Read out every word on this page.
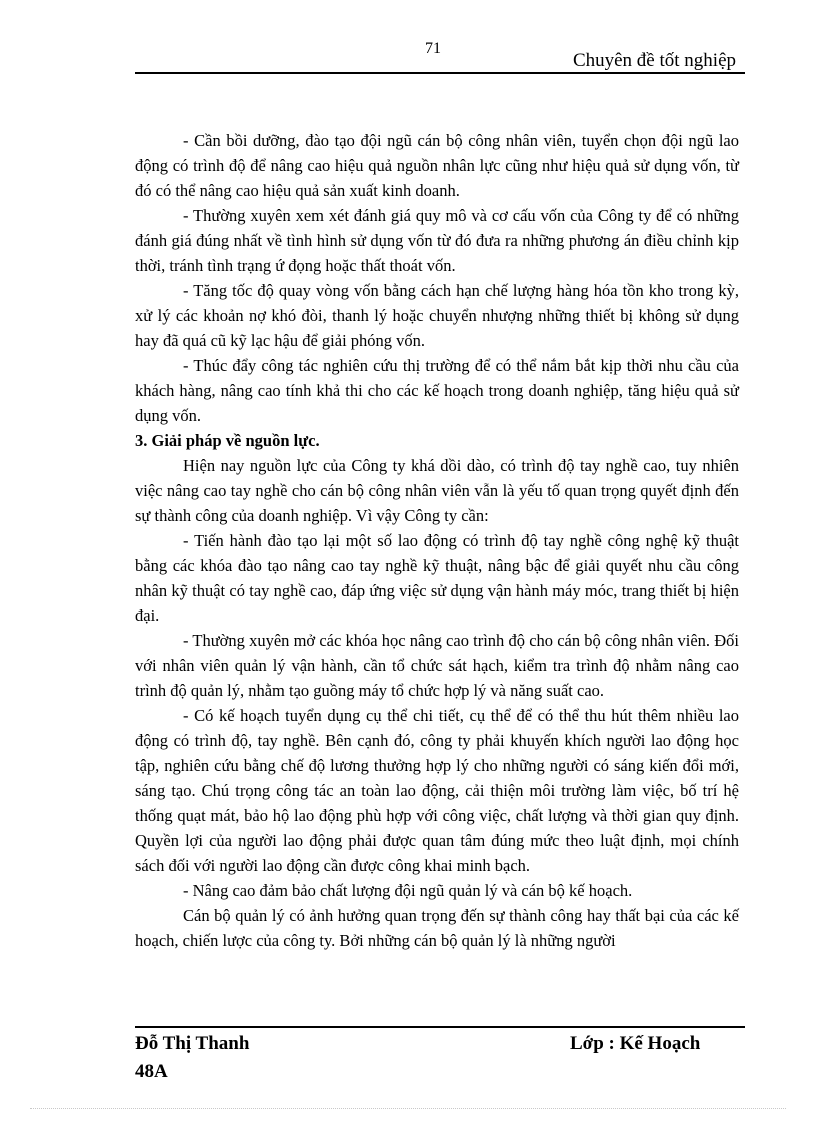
71
Chuyên đề tốt nghiệp

- Cần bồi dưỡng, đào tạo đội ngũ cán bộ công nhân viên, tuyển chọn đội ngũ lao động có trình độ để nâng cao hiệu quả nguồn nhân lực cũng như hiệu quả sử dụng vốn, từ đó có thể nâng cao hiệu quả sản xuất kinh doanh.

- Thường xuyên xem xét đánh giá quy mô và cơ cấu vốn của Công ty để có những đánh giá đúng nhất về tình hình sử dụng vốn từ đó đưa ra những phương án điều chỉnh kịp thời, tránh tình trạng ứ đọng hoặc thất thoát vốn.

- Tăng tốc độ quay vòng vốn bằng cách hạn chế lượng hàng hóa tồn kho trong kỳ, xử lý các khoản nợ khó đòi, thanh lý hoặc chuyển nhượng những thiết bị không sử dụng hay đã quá cũ kỹ lạc hậu để giải phóng vốn.

- Thúc đẩy công tác nghiên cứu thị trường để có thể nắm bắt kịp thời nhu cầu của khách hàng, nâng cao tính khả thi cho các kế hoạch trong doanh nghiệp, tăng hiệu quả sử dụng vốn.

3. Giải pháp về nguồn lực.

Hiện nay nguồn lực của Công ty khá dồi dào, có trình độ tay nghề cao, tuy nhiên việc nâng cao tay nghề cho cán bộ công nhân viên vẫn là yếu tố quan trọng quyết định đến sự thành công của doanh nghiệp. Vì vậy Công ty cần:

- Tiến hành đào tạo lại một số lao động có trình độ tay nghề công nghệ kỹ thuật bằng các khóa đào tạo nâng cao tay nghề kỹ thuật, nâng bậc để giải quyết nhu cầu công nhân kỹ thuật có tay nghề cao, đáp ứng việc sử dụng vận hành máy móc, trang thiết bị hiện đại.

- Thường xuyên mở các khóa học nâng cao trình độ cho cán bộ công nhân viên. Đối với nhân viên quản lý vận hành, cần tổ chức sát hạch, kiểm tra trình độ nhằm nâng cao trình độ quản lý, nhằm tạo guồng máy tổ chức hợp lý và năng suất cao.

- Có kế hoạch tuyển dụng cụ thể chi tiết, cụ thể để có thể thu hút thêm nhiều lao động có trình độ, tay nghề. Bên cạnh đó, công ty phải khuyến khích người lao động học tập, nghiên cứu bằng chế độ lương thưởng hợp lý cho những người có sáng kiến đổi mới, sáng tạo. Chú trọng công tác an toàn lao động, cải thiện môi trường làm việc, bố trí hệ thống quạt mát, bảo hộ lao động phù hợp với công việc, chất lượng và thời gian quy định. Quyền lợi của người lao động phải được quan tâm đúng mức theo luật định, mọi chính sách đối với người lao động cần được công khai minh bạch.

- Nâng cao đảm bảo chất lượng đội ngũ quản lý và cán bộ kế hoạch.

Cán bộ quản lý có ảnh hưởng quan trọng đến sự thành công hay thất bại của các kế hoạch, chiến lược của công ty. Bởi những cán bộ quản lý là những người

Đỗ Thị Thanh
48A
Lớp : Kế Hoạch
